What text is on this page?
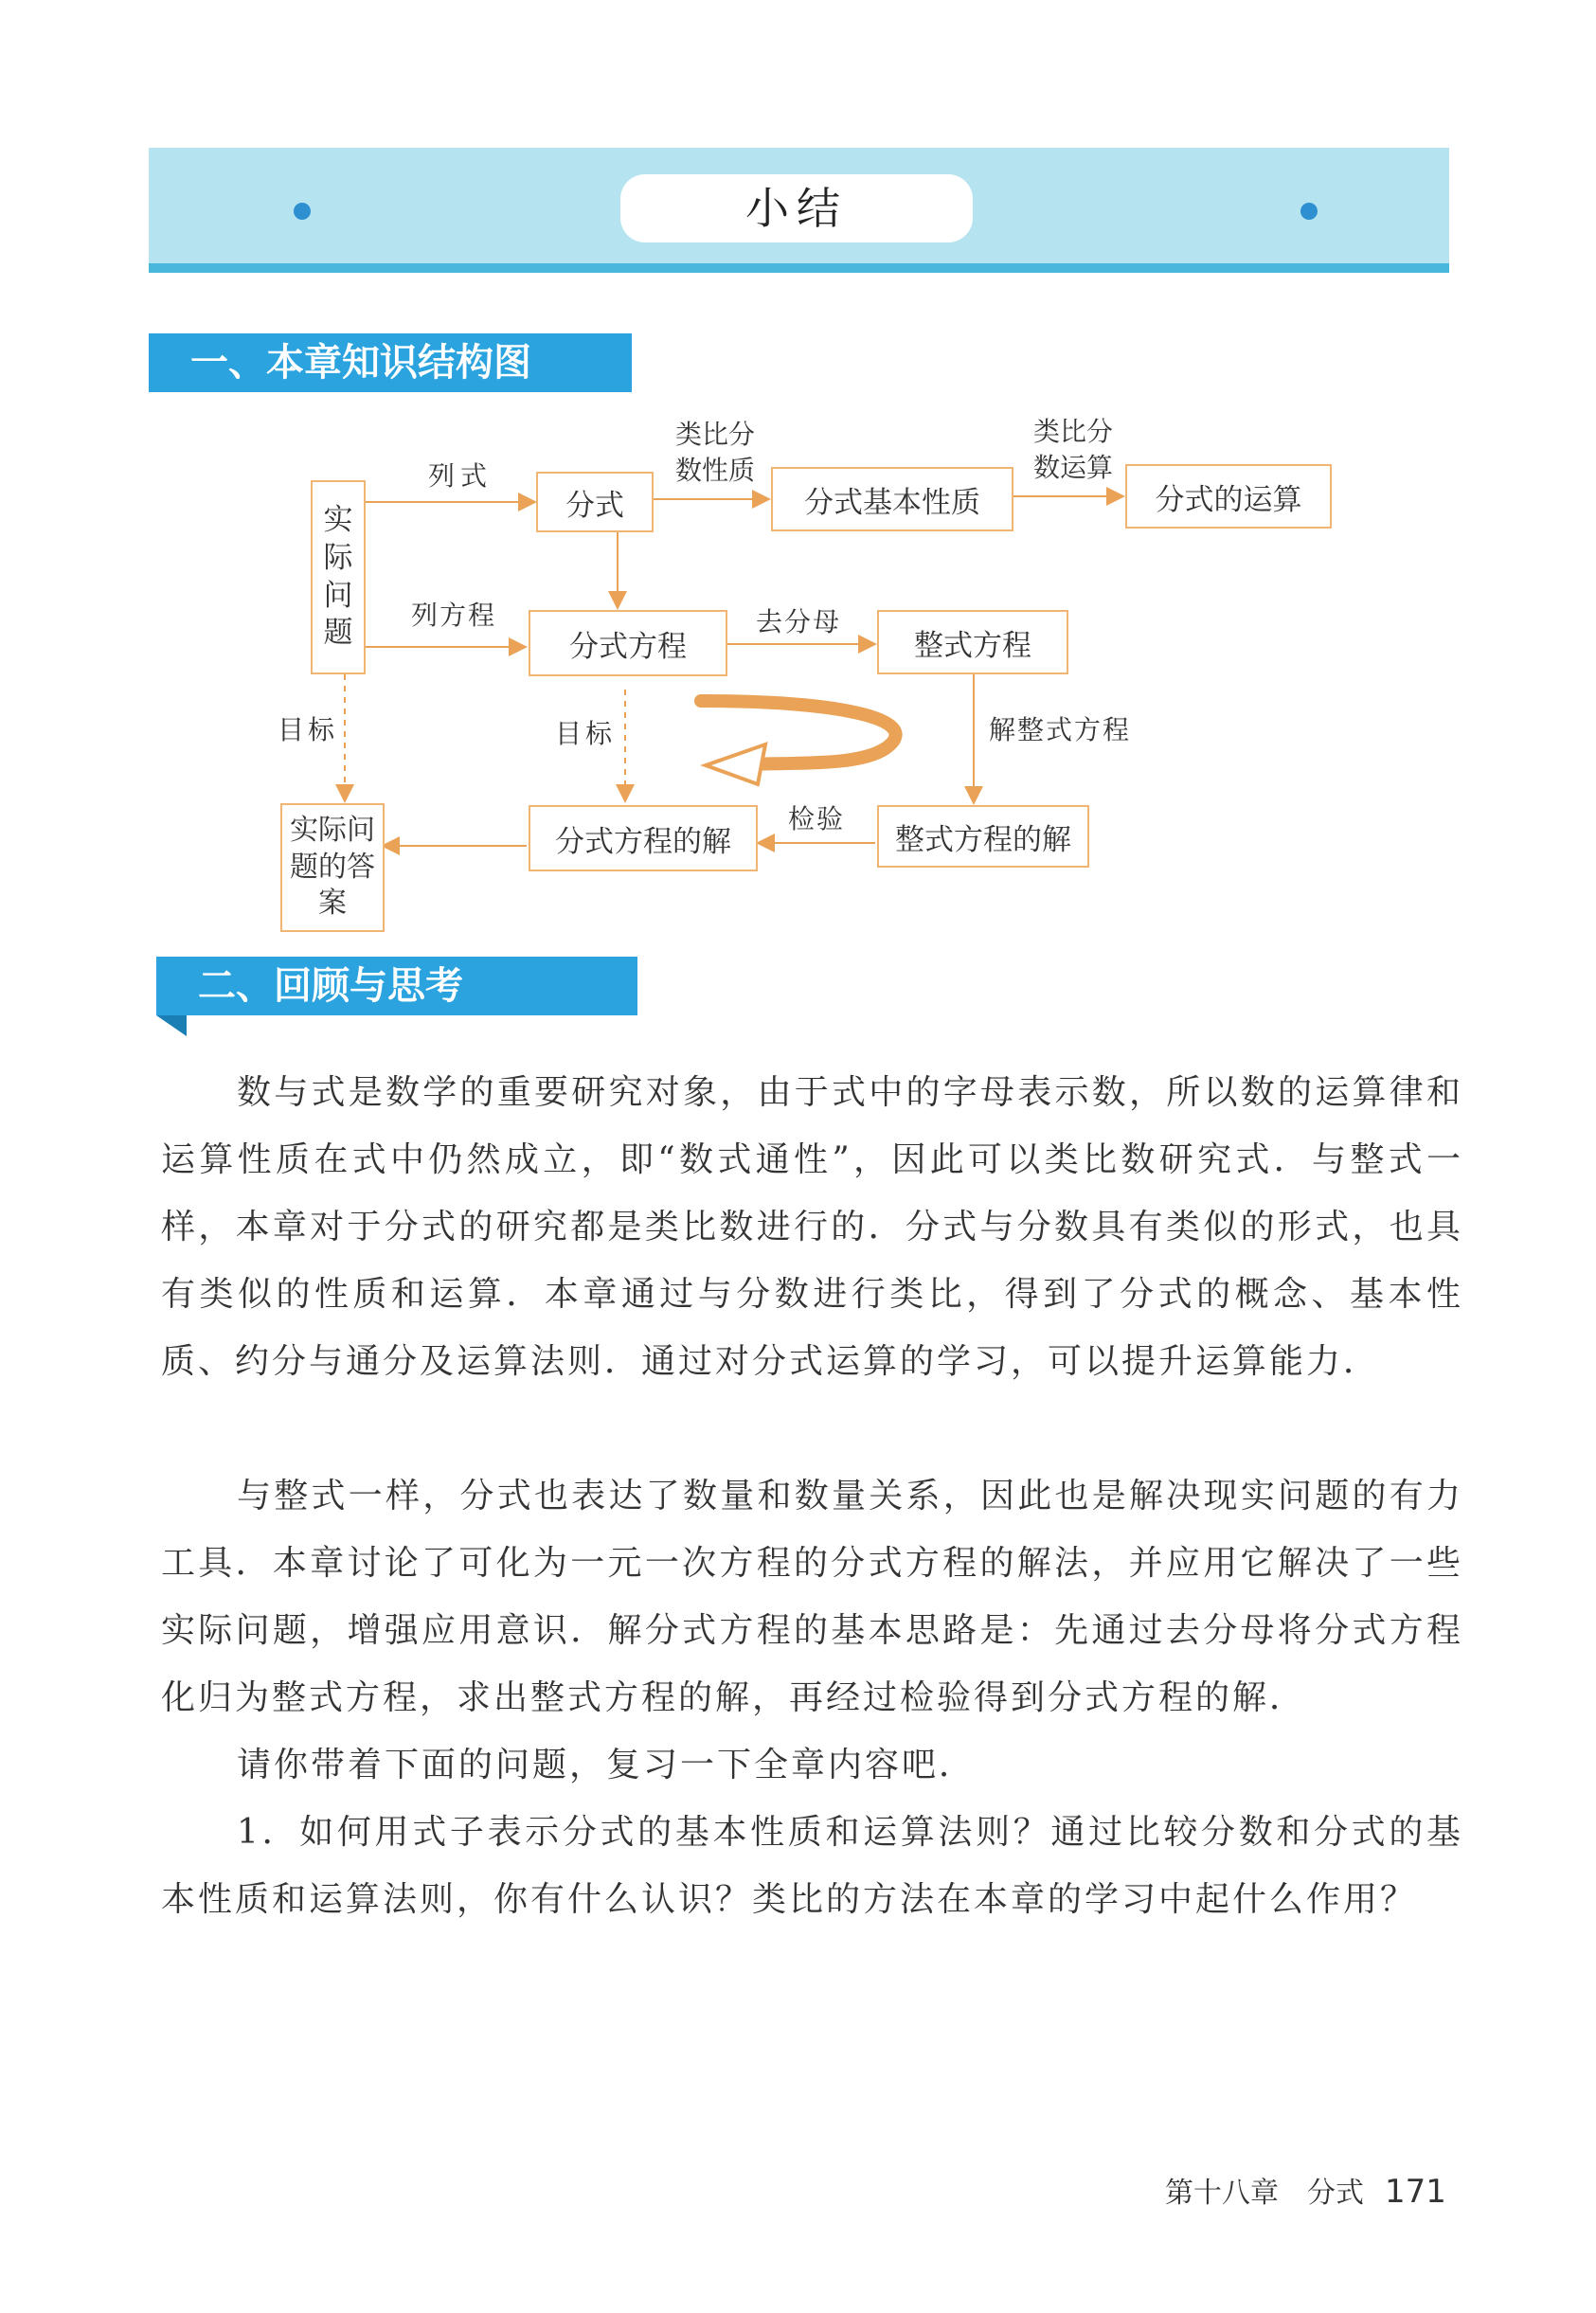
小结
一、本章知识结构图
实际问题
分式	分式基本性质	分式的运算
分式方程	整式方程
分式方程的解	整式方程的解
实际问题的答案
列式
类比分数性质
类比分数运算
列方程	去分母
解整式方程
检验
目标	目标
二、回顾与思考

数与式是数学的重要研究对象，由于式中的字母表示数，所以数的运算律和运算性质在式中仍然成立，即“数式通性”，因此可以类比数研究式．与整式一样，本章对于分式的研究都是类比数进行的．分式与分数具有类似的形式，也具有类似的性质和运算．本章通过与分数进行类比，得到了分式的概念、基本性质、约分与通分及运算法则．通过对分式运算的学习，可以提升运算能力．

与整式一样，分式也表达了数量和数量关系，因此也是解决现实问题的有力工具．本章讨论了可化为一元一次方程的分式方程的解法，并应用它解决了一些实际问题，增强应用意识．解分式方程的基本思路是：先通过去分母将分式方程化归为整式方程，求出整式方程的解，再经过检验得到分式方程的解．

请你带着下面的问题，复习一下全章内容吧．

1．如何用式子表示分式的基本性质和运算法则？通过比较分数和分式的基本性质和运算法则，你有什么认识？类比的方法在本章的学习中起什么作用？

第十八章　分式 171
